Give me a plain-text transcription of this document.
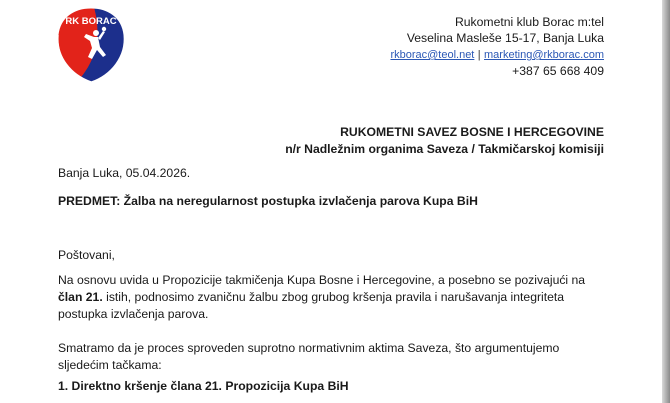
RK BORAC	Rukometni klub Borac m:tel
Veselina Masleše 15-17, Banja Luka
rkborac@teol.net | marketing@rkborac.com
+387 65 668 409
RUKOMETNI SAVEZ BOSNE I HERCEGOVINE
n/r Nadležnim organima Saveza / Takmičarskoj komisiji

Banja Luka, 05.04.2026.

PREDMET: Žalba na neregularnost postupka izvlačenja parova Kupa BiH

Poštovani,

Na osnovu uvida u Propozicije takmičenja Kupa Bosne i Hercegovine, a posebno se pozivajući na član 21. istih, podnosimo zvaničnu žalbu zbog grubog kršenja pravila i narušavanja integriteta postupka izvlačenja parova.

Smatramo da je proces sproveden suprotno normativnim aktima Saveza, što argumentujemo sljedećim tačkama:

1. Direktno kršenje člana 21. Propozicija Kupa BiH
